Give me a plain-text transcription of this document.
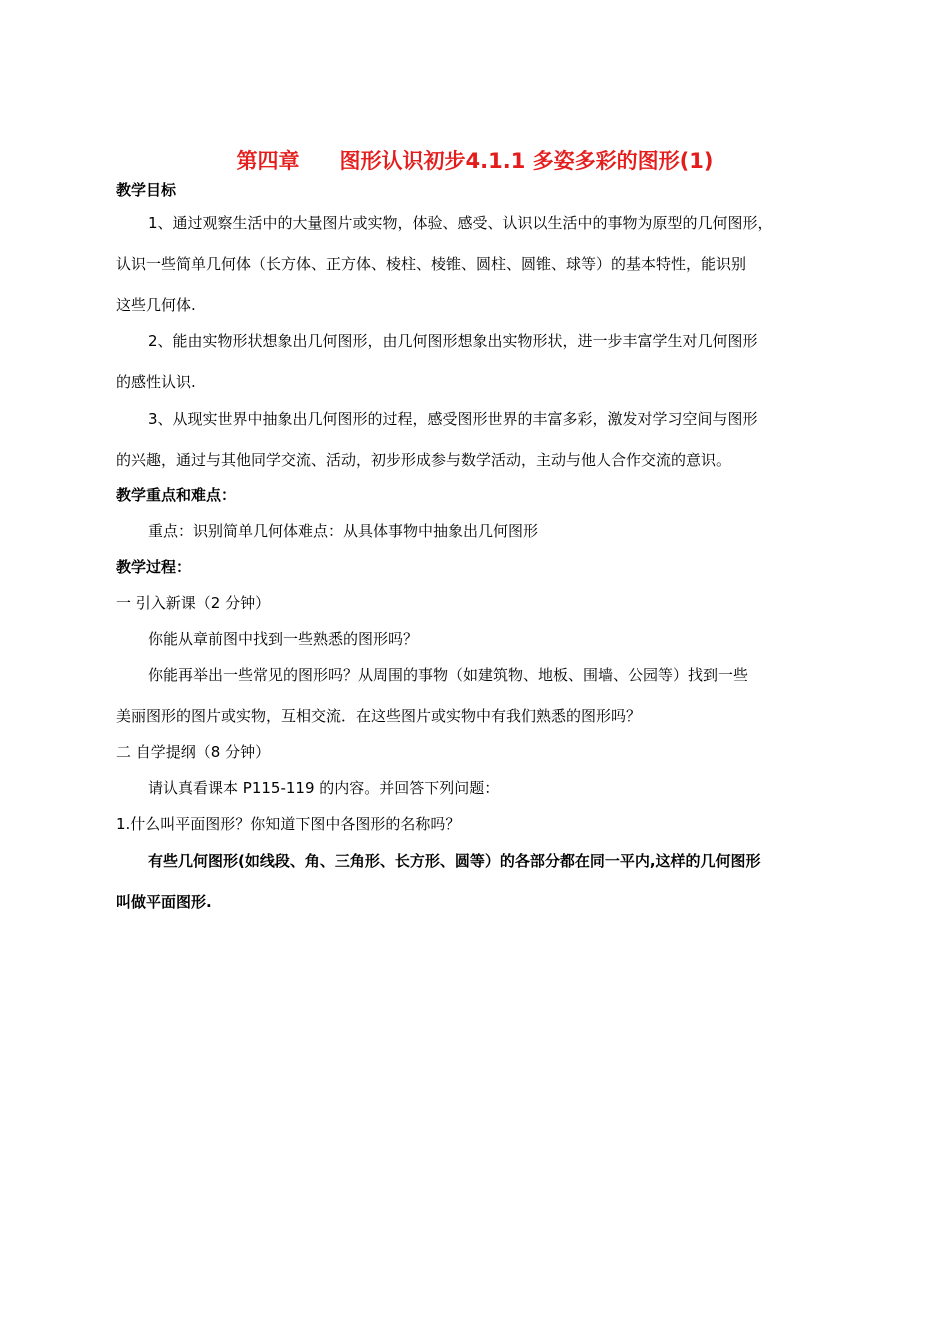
第四章 图形认识初步4.1.1 多姿多彩的图形(1)
教学目标
1、通过观察生活中的大量图片或实物，体验、感受、认识以生活中的事物为原型的几何图形，
认识一些简单几何体（长方体、正方体、棱柱、棱锥、圆柱、圆锥、球等）的基本特性，能识别
这些几何体.
2、能由实物形状想象出几何图形，由几何图形想象出实物形状，进一步丰富学生对几何图形
的感性认识.
3、从现实世界中抽象出几何图形的过程，感受图形世界的丰富多彩，激发对学习空间与图形
的兴趣，通过与其他同学交流、活动，初步形成参与数学活动，主动与他人合作交流的意识。
教学重点和难点：
重点：识别简单几何体难点：从具体事物中抽象出几何图形
教学过程：
一 引入新课（2 分钟）
你能从章前图中找到一些熟悉的图形吗？
你能再举出一些常见的图形吗？从周围的事物（如建筑物、地板、围墙、公园等）找到一些
美丽图形的图片或实物，互相交流．在这些图片或实物中有我们熟悉的图形吗？
二 自学提纲（8 分钟）
请认真看课本 P115-119 的内容。并回答下列问题：
1.什么叫平面图形？你知道下图中各图形的名称吗？
有些几何图形(如线段、角、三角形、长方形、圆等）的各部分都在同一平内,这样的几何图形
叫做平面图形.
